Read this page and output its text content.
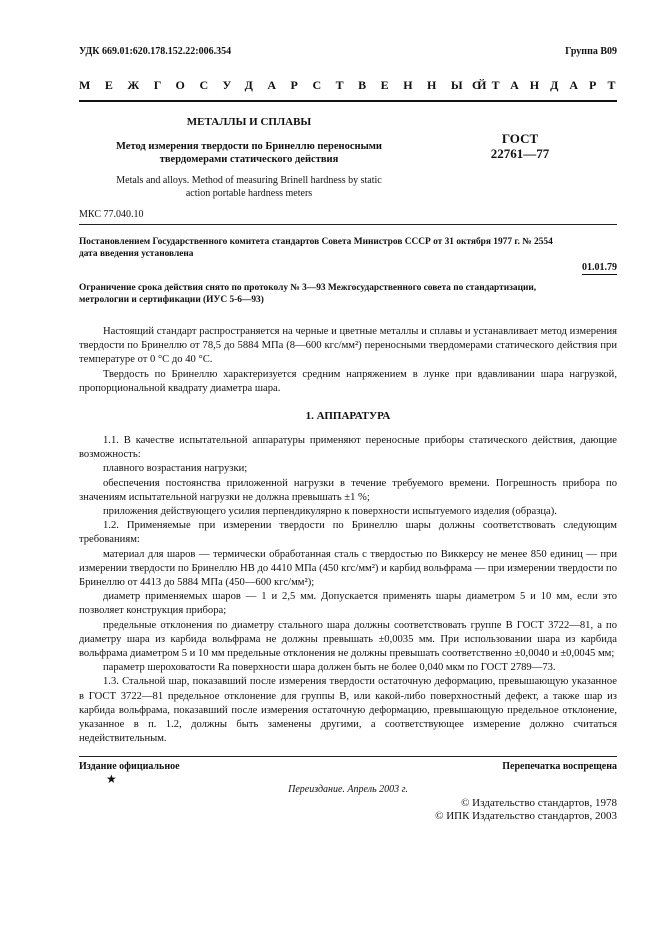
УДК 669.01:620.178.152.22:006.354	Группа В09
МЕЖГОСУДАРСТВЕННЫЙ
СТАНДАРТ
МЕТАЛЛЫ И СПЛАВЫ
Метод измерения твердости по Бринеллю переносными
твердомерами статического действия
Metals and alloys. Method of measuring Brinell hardness by static
action portable hardness meters
ГОСТ
22761—77
МКС 77.040.10
Постановлением Государственного комитета стандартов Совета Министров СССР от 31 октября 1977 г. № 2554
дата введения установлена
01.01.79
Ограничение срока действия снято по протоколу № 3—93 Межгосударственного совета по стандартизации,
метрологии и сертификации (ИУС 5-6—93)

Настоящий стандарт распространяется на черные и цветные металлы и сплавы и устанавливает метод измерения твердости по Бринеллю от 78,5 до 5884 МПа (8—600 кгс/мм²) переносными твердомерами статического действия при температуре от 0 °С до 40 °С.

Твердость по Бринеллю характеризуется средним напряжением в лунке при вдавливании шара нагрузкой, пропорциональной квадрату диаметра шара.

1. АППАРАТУРА

1.1. В качестве испытательной аппаратуры применяют переносные приборы статического действия, дающие возможность:

плавного возрастания нагрузки;

обеспечения постоянства приложенной нагрузки в течение требуемого времени. Погрешность прибора по значениям испытательной нагрузки не должна превышать ±1 %;

приложения действующего усилия перпендикулярно к поверхности испытуемого изделия (образца).

1.2. Применяемые при измерении твердости по Бринеллю шары должны соответствовать следующим требованиям:

материал для шаров — термически обработанная сталь с твердостью по Виккерсу не менее 850 единиц — при измерении твердости по Бринеллю НВ до 4410 МПа (450 кгс/мм²) и карбид вольфрама — при измерении твердости по Бринеллю от 4413 до 5884 МПа (450—600 кгс/мм²);

диаметр применяемых шаров — 1 и 2,5 мм. Допускается применять шары диаметром 5 и 10 мм, если это позволяет конструкция прибора;

предельные отклонения по диаметру стального шара должны соответствовать группе В ГОСТ 3722—81, а по диаметру шара из карбида вольфрама не должны превышать ±0,0035 мм. При использовании шара из карбида вольфрама диаметром 5 и 10 мм предельные отклонения не должны превышать соответственно ±0,0040 и ±0,0045 мм;

параметр шероховатости Ra поверхности шара должен быть не более 0,040 мкм по ГОСТ 2789—73.

1.3. Стальной шар, показавший после измерения твердости остаточную деформацию, превышающую указанное в ГОСТ 3722—81 предельное отклонение для группы В, или какой-либо поверхностный дефект, а также шар из карбида вольфрама, показавший после измерения остаточную деформацию, превышающую предельное отклонение, указанное в п. 1.2, должны быть заменены другими, а соответствующее измерение должно считаться недействительным.

Издание официальное
★
Перепечатка воспрещена
Переиздание. Апрель 2003 г.
© Издательство стандартов, 1978
© ИПК Издательство стандартов, 2003
